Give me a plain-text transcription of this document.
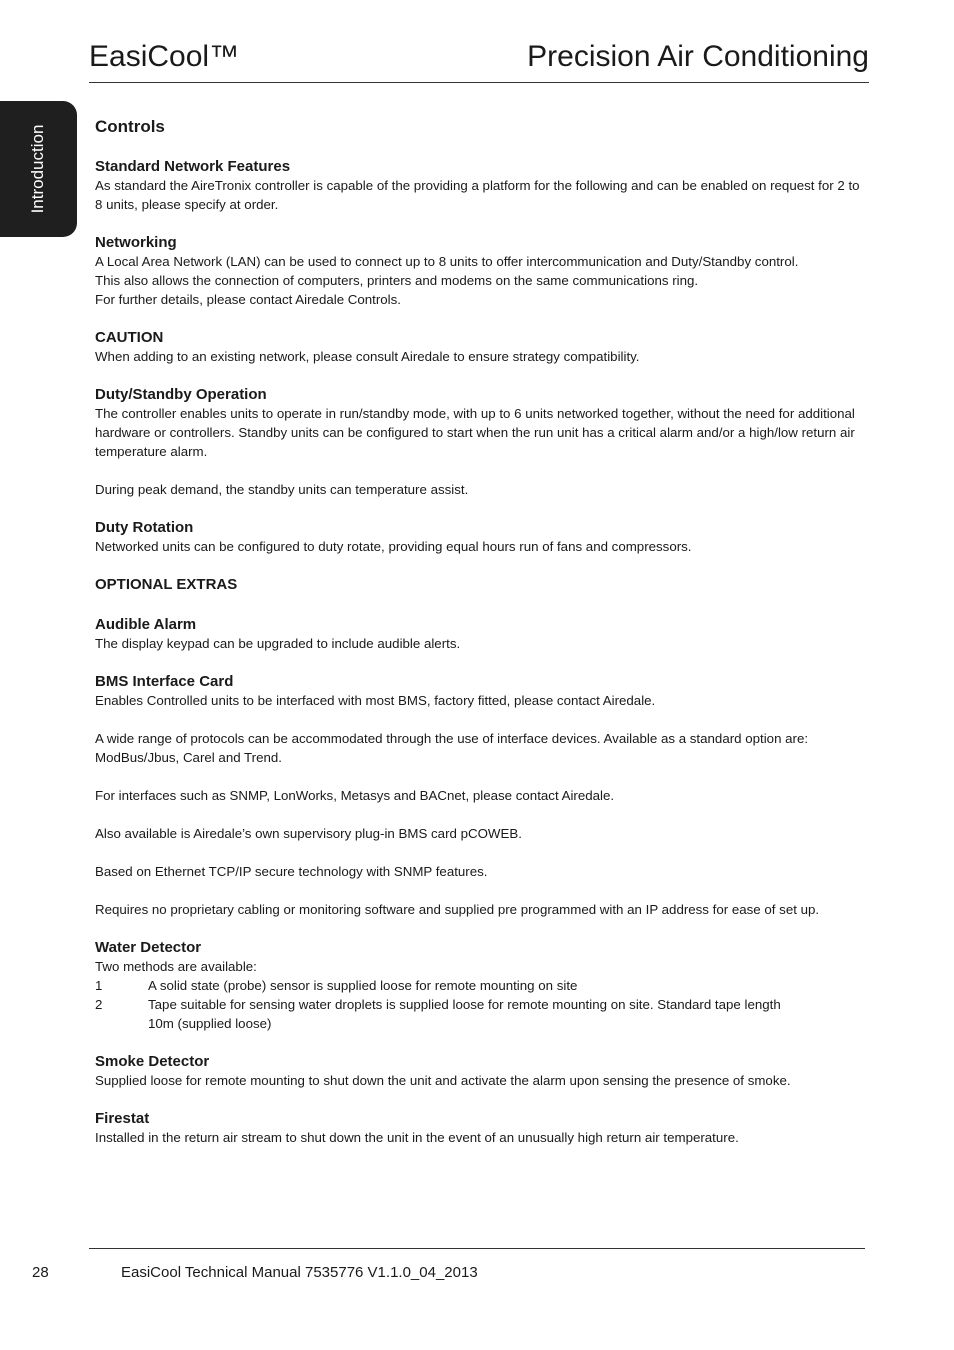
EasiCool™	Precision Air Conditioning
Introduction	Controls
Standard Network Features

As standard the AireTronix controller is capable of the providing a platform for the following and can be enabled on request for 2 to 8 units, please specify at order.

Networking

A Local Area Network (LAN) can be used to connect up to 8 units to offer intercommunication and Duty/Standby control.

This also allows the connection of computers, printers and modems on the same communications ring.

For further details, please contact Airedale Controls.

CAUTION

When adding to an existing network, please consult Airedale to ensure strategy compatibility.

Duty/Standby Operation

The controller enables units to operate in run/standby mode, with up to 6 units networked together, without the need for additional hardware or controllers. Standby units can be configured to start when the run unit has a critical alarm and/or a high/low return air temperature alarm.

During peak demand, the standby units can temperature assist.

Duty Rotation

Networked units can be configured to duty rotate, providing equal hours run of fans and compressors.

OPTIONAL EXTRAS
Audible Alarm

The display keypad can be upgraded to include audible alerts.

BMS Interface Card

Enables Controlled units to be interfaced with most BMS, factory fitted, please contact Airedale.

A wide range of protocols can be accommodated through the use of interface devices. Available as a standard option are: ModBus/Jbus, Carel and Trend.

For interfaces such as SNMP, LonWorks, Metasys and BACnet, please contact Airedale.

Also available is Airedale’s own supervisory plug-in BMS card pCOWEB.

Based on Ethernet TCP/IP secure technology with SNMP features.

Requires no proprietary cabling or monitoring software and supplied pre programmed with an IP address for ease of set up.

Water Detector

Two methods are available:

1	A solid state (probe) sensor is supplied loose for remote mounting on site
2	Tape suitable for sensing water droplets is supplied loose for remote mounting on site. Standard tape length 10m (supplied loose)
Smoke Detector

Supplied loose for remote mounting to shut down the unit and activate the alarm upon sensing the presence of smoke.

Firestat

Installed in the return air stream to shut down the unit in the event of an unusually high return air temperature.

28	EasiCool Technical Manual 7535776 V1.1.0_04_2013
